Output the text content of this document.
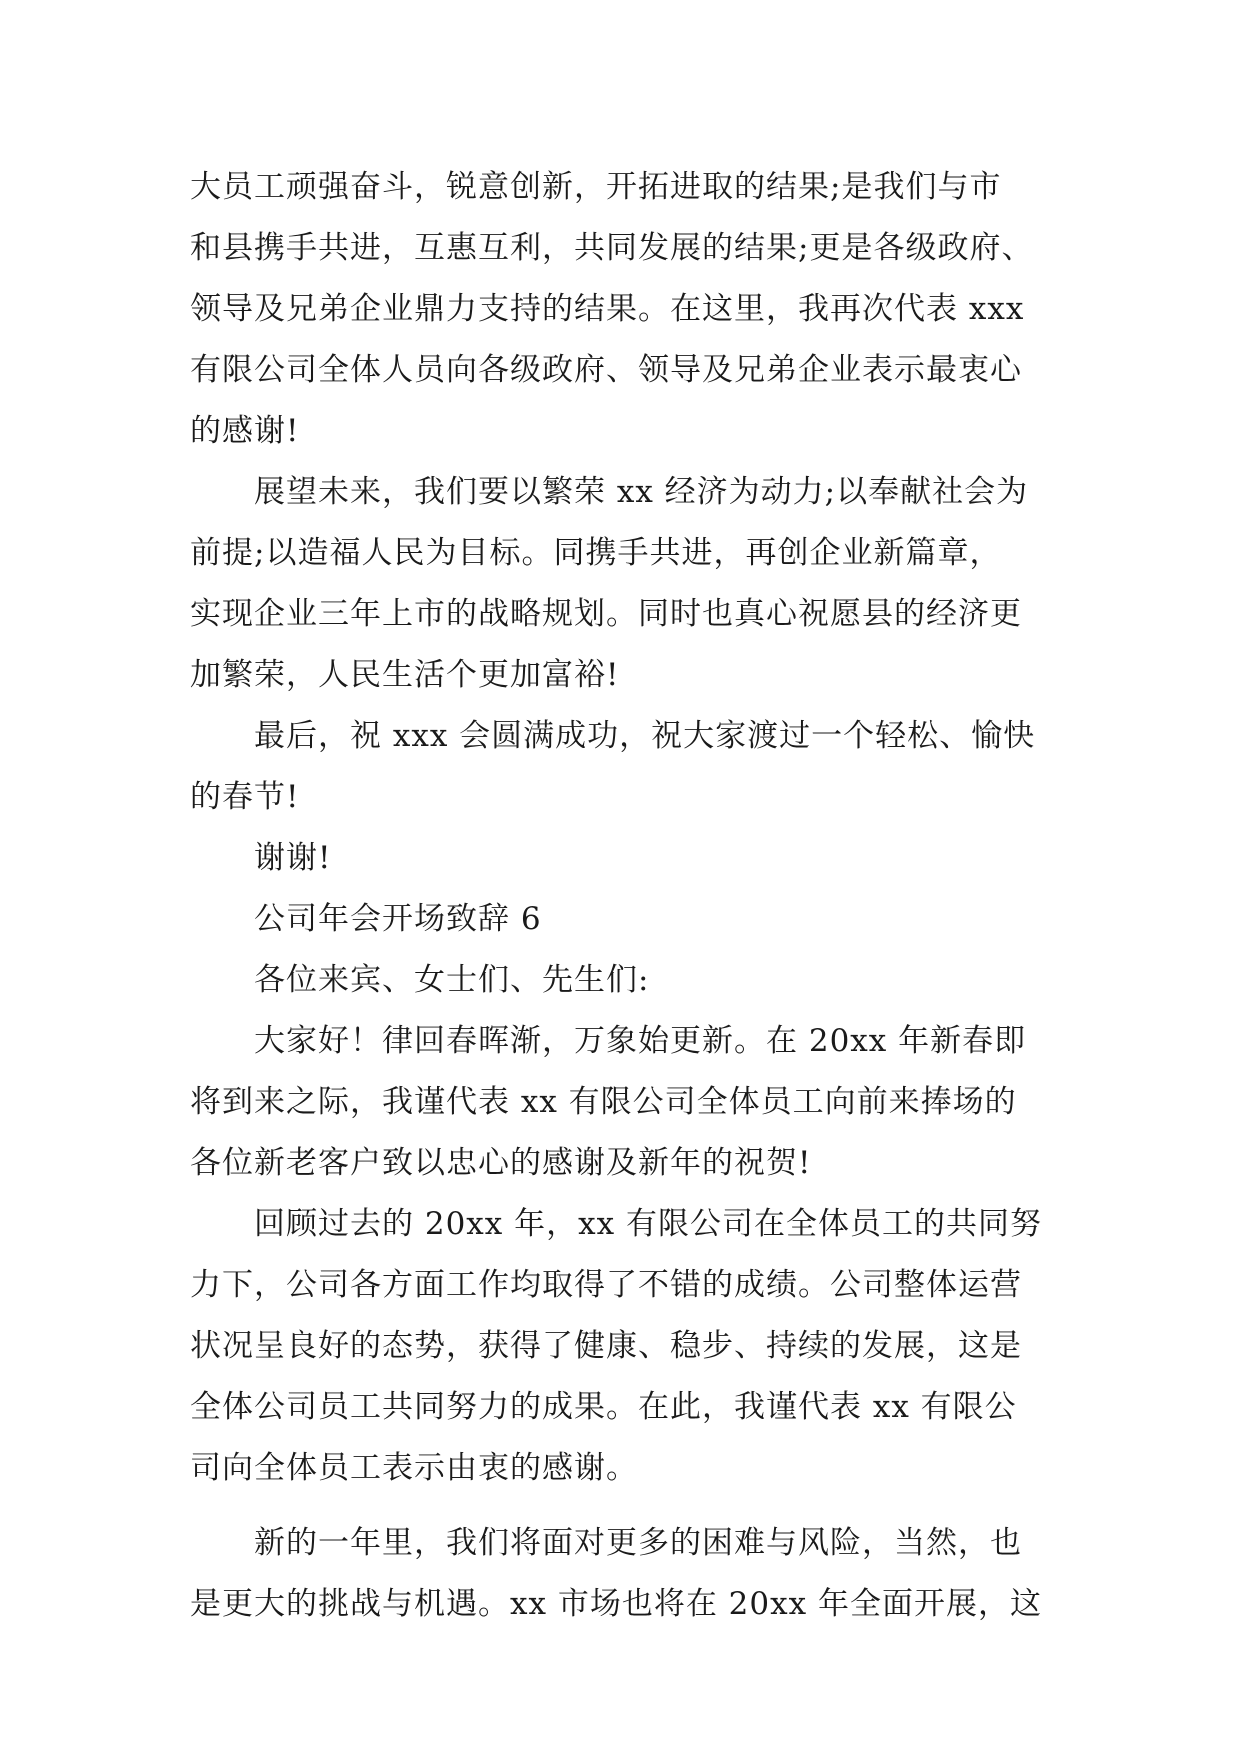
大员工顽强奋斗，锐意创新，开拓进取的结果;是我们与市
和县携手共进，互惠互利，共同发展的结果;更是各级政府、
领导及兄弟企业鼎力支持的结果。在这里，我再次代表 xxx
有限公司全体人员向各级政府、领导及兄弟企业表示最衷心
的感谢!
展望未来，我们要以繁荣 xx 经济为动力;以奉献社会为
前提;以造福人民为目标。同携手共进，再创企业新篇章，
实现企业三年上市的战略规划。同时也真心祝愿县的经济更
加繁荣，人民生活个更加富裕!
最后，祝 xxx 会圆满成功，祝大家渡过一个轻松、愉快
的春节!
谢谢!
公司年会开场致辞 6
各位来宾、女士们、先生们:
大家好！律回春晖渐，万象始更新。在 20xx 年新春即
将到来之际，我谨代表 xx 有限公司全体员工向前来捧场的
各位新老客户致以忠心的感谢及新年的祝贺!
回顾过去的 20xx 年，xx 有限公司在全体员工的共同努
力下，公司各方面工作均取得了不错的成绩。公司整体运营
状况呈良好的态势，获得了健康、稳步、持续的发展，这是
全体公司员工共同努力的成果。在此，我谨代表 xx 有限公
司向全体员工表示由衷的感谢。
新的一年里，我们将面对更多的困难与风险，当然，也
是更大的挑战与机遇。xx 市场也将在 20xx 年全面开展，这
